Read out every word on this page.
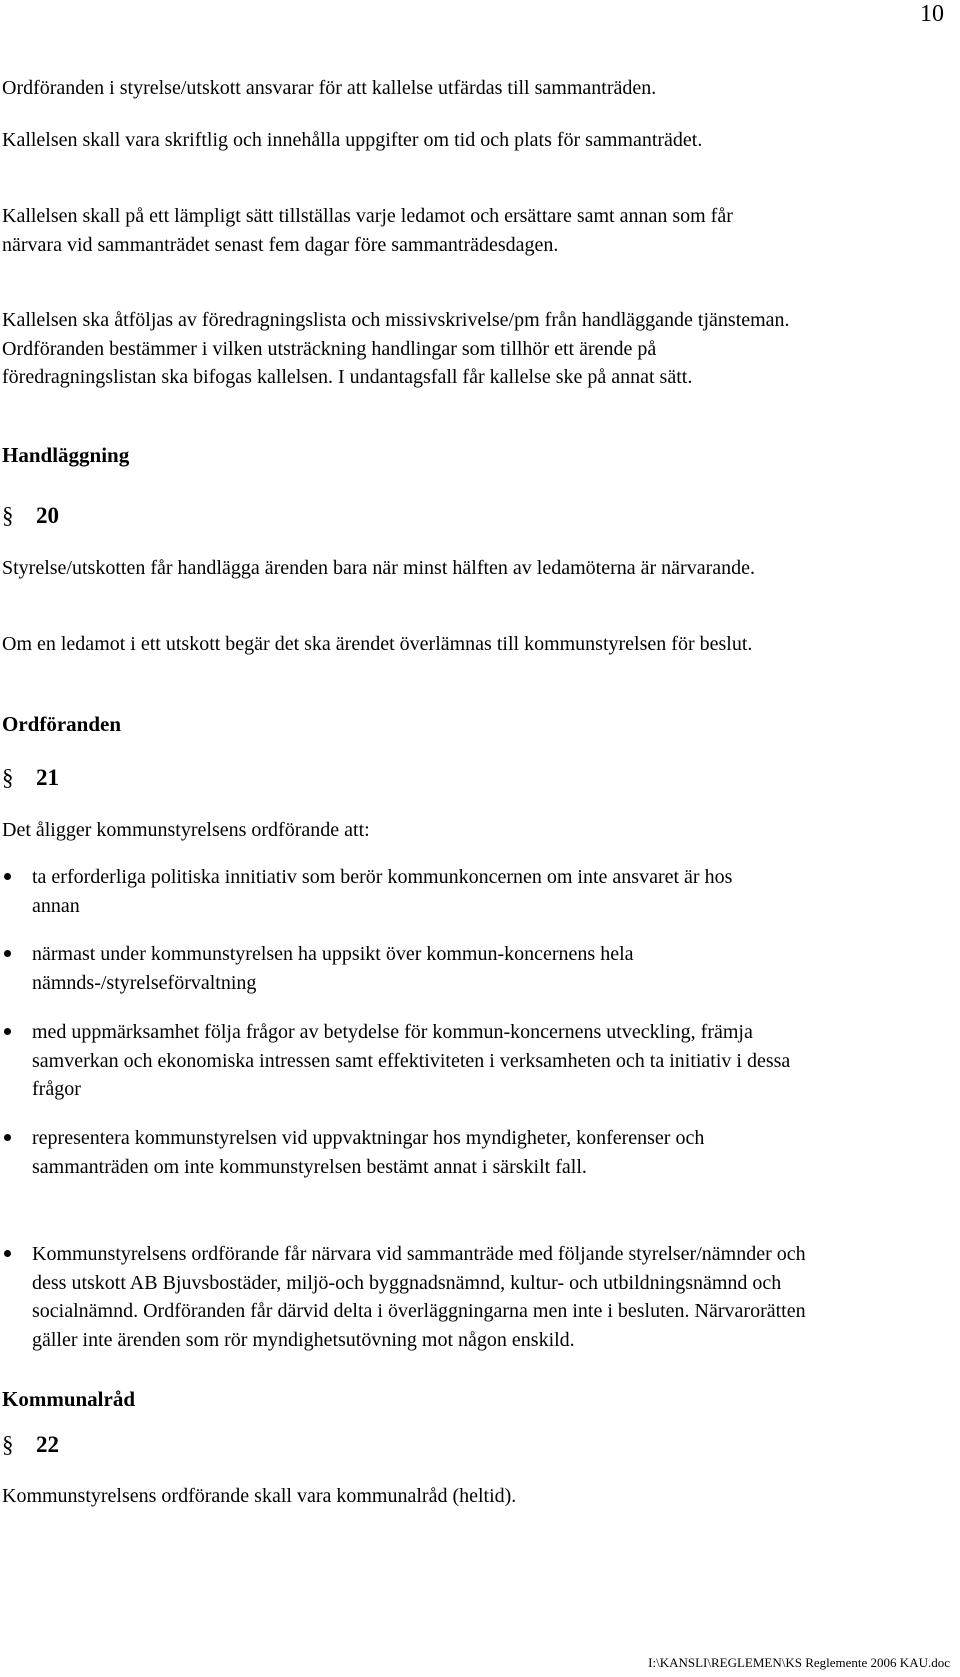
10

Ordföranden i styrelse/utskott ansvarar för att kallelse utfärdas till sammanträden.

Kallelsen skall vara skriftlig och innehålla uppgifter om tid och plats för sammanträdet.

Kallelsen skall på ett lämpligt sätt tillställas varje ledamot och ersättare samt annan som får närvara vid sammanträdet senast fem dagar före sammanträdesdagen.

Kallelsen ska åtföljas av föredragningslista och missivskrivelse/pm från handläggande tjänsteman. Ordföranden bestämmer i vilken utsträckning handlingar som tillhör ett ärende på föredragningslistan ska bifogas kallelsen. I undantagsfall får kallelse ske på annat sätt.

Handläggning
§ 20

Styrelse/utskotten får handlägga ärenden bara när minst hälften av ledamöterna är närvarande.

Om en ledamot i ett utskott begär det ska ärendet överlämnas till kommunstyrelsen för beslut.

Ordföranden
§ 21

Det åligger kommunstyrelsens ordförande att:

ta erforderliga politiska innitiativ som berör kommunkoncernen om inte ansvaret är hos annan

närmast under kommunstyrelsen ha uppsikt över kommun-koncernens hela nämnds-/styrelseförvaltning

med uppmärksamhet följa frågor av betydelse för kommun-koncernens utveckling, främja samverkan och ekonomiska intressen samt effektiviteten i verksamheten och ta initiativ i dessa frågor

representera kommunstyrelsen vid uppvaktningar hos myndigheter, konferenser och sammanträden om inte kommunstyrelsen bestämt annat i särskilt fall.

Kommunstyrelsens ordförande får närvara vid sammanträde med följande styrelser/nämnder och dess utskott AB Bjuvsbostäder, miljö-och byggnadsnämnd, kultur- och utbildningsnämnd och socialnämnd. Ordföranden får därvid delta i överläggningarna men inte i besluten. Närvarorätten gäller inte ärenden som rör myndighetsutövning mot någon enskild.

Kommunalråd
§ 22

Kommunstyrelsens ordförande skall vara kommunalråd (heltid).

I:\KANSLI\REGLEMEN\KS Reglemente 2006 KAU.doc
